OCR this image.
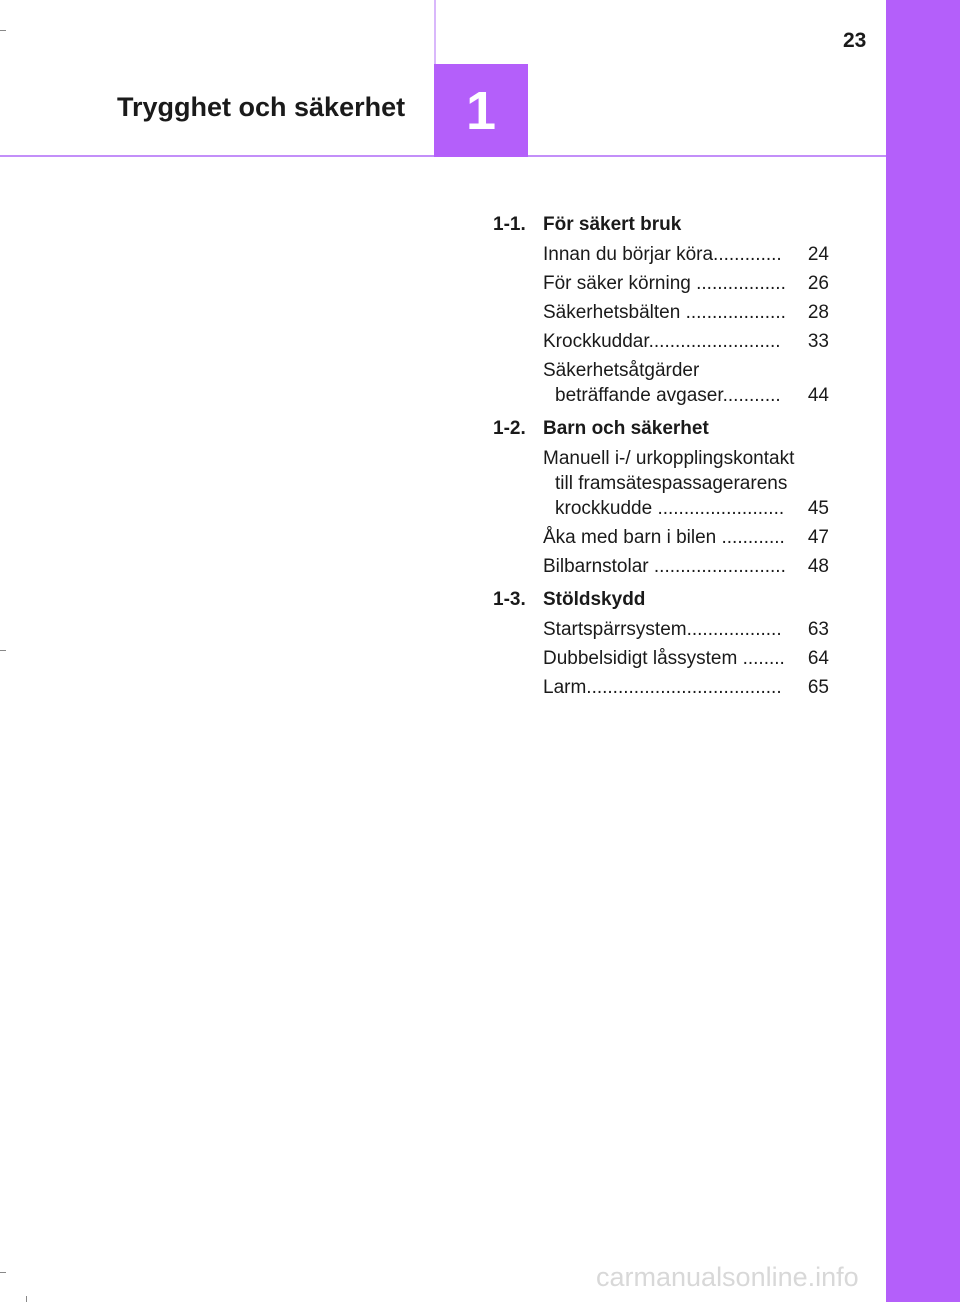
1
Trygghet och säkerhet
23
1-1. För säkert bruk
Innan du börjar köra.............	24
För säker körning .................	26
Säkerhetsbälten ...................	28
Krockkuddar.........................	33
Säkerhetsåtgärder beträffande avgaser...........	44
1-2. Barn och säkerhet
Manuell i-/ urkopplingskontakt till framsätespassagerarens krockkudde ........................	45
Åka med barn i bilen ............	47
Bilbarnstolar .........................	48
1-3. Stöldskydd
Startspärrsystem..................	63
Dubbelsidigt låssystem ........	64
Larm.....................................	65
carmanualsonline.info
